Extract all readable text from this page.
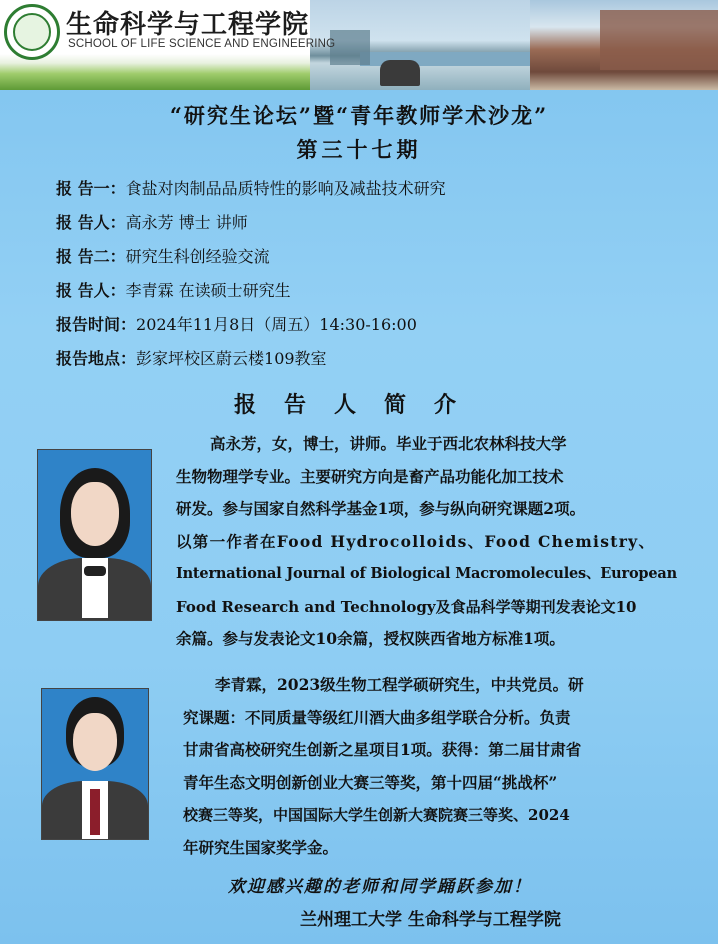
生命科学与工程学院
SCHOOL OF LIFE SCIENCE AND ENGINEERING
“研究生论坛”暨“青年教师学术沙龙”
第三十七期
报 告一：食盐对肉制品品质特性的影响及减盐技术研究
报 告人：高永芳 博士 讲师
报 告二：研究生科创经验交流
报 告人：李青霖 在读硕士研究生
报告时间：2024年11月8日（周五）14:30-16:00
报告地点：彭家坪校区蔚云楼109教室
报告人简介
高永芳，女，博士，讲师。毕业于西北农林科技大学
生物物理学专业。主要研究方向是畜产品功能化加工技术
研发。参与国家自然科学基金1项，参与纵向研究课题2项。
以第一作者在Food Hydrocolloids、Food Chemistry、
International Journal of Biological Macromolecules、European
Food Research and Technology及食品科学等期刊发表论文10
余篇。参与发表论文10余篇，授权陕西省地方标准1项。
李青霖，2023级生物工程学硕研究生，中共党员。研
究课题：不同质量等级红川酒大曲多组学联合分析。负责
甘肃省高校研究生创新之星项目1项。获得：第二届甘肃省
青年生态文明创新创业大赛三等奖，第十四届“挑战杯”
校赛三等奖，中国国际大学生创新大赛院赛三等奖、2024
年研究生国家奖学金。
欢迎感兴趣的老师和同学踊跃参加！
兰州理工大学 生命科学与工程学院
